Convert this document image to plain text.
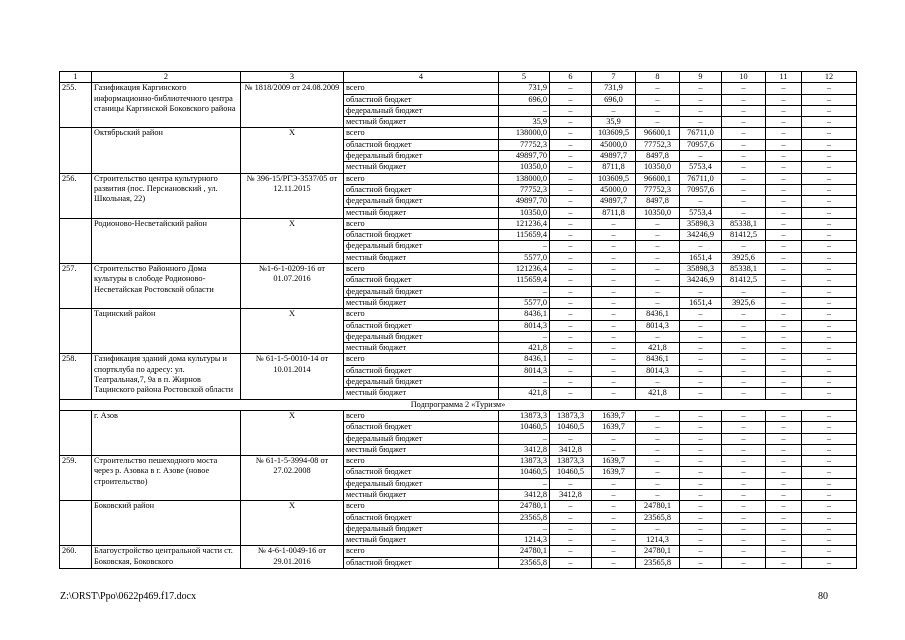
1	2	3	4	5	6	7	8	9	10	11	12
255.	Газификация Каргинского информационно-библиотечного центра станицы Каргинской Боковского района	№ 1818/2009 от 24.08.2009	всего	731,9	–	731,9	–	–	–	–	–
			областной бюджет	696,0	–	696,0	–	–	–	–	–
			федеральный бюджет	–	–	–	–	–	–	–	–
			местный бюджет	35,9	–	35,9	–	–	–	–	–
	Октябрьский район	Х	всего	138000,0	–	103609,5	96600,1	76711,0	–	–	–
			областной бюджет	77752,3	–	45000,0	77752,3	70957,6	–	–	–
			федеральный бюджет	49897,70	–	49897,7	8497,8	–	–	–	–
			местный бюджет	10350,0	–	8711,8	10350,0	5753,4	–	–	–
256.	Строительство центра культурного развития (пос. Персиановский , ул. Школьная, 22)	№ 396-15/РГЭ-3537/05 от 12.11.2015	всего	138000,0	–	103609,5	96600,1	76711,0	–	–	–
			областной бюджет	77752,3	–	45000,0	77752,3	70957,6	–	–	–
			федеральный бюджет	49897,70	–	49897,7	8497,8	–	–	–	–
			местный бюджет	10350,0	–	8711,8	10350,0	5753,4	–	–	–
	Родионово-Несветайский район	Х	всего	121236,4	–	–	–	35898,3	85338,1	–	–
			областной бюджет	115659,4	–	–	–	34246,9	81412,5	–	–
			федеральный бюджет	–	–	–	–	–	–	–	–
			местный бюджет	5577,0	–	–	–	1651,4	3925,6	–	–
257.	Строительство Районного Дома культуры в слободе Родионово-Несветайская Ростовской области	№1-6-1-0209-16 от 01.07.2016	всего	121236,4	–	–	–	35898,3	85338,1	–	–
			областной бюджет	115659,4	–	–	–	34246,9	81412,5	–	–
			федеральный бюджет	–	–	–	–	–	–	–	–
			местный бюджет	5577,0	–	–	–	1651,4	3925,6	–	–
	Тацинский район	Х	всего	8436,1	–	–	8436,1	–	–	–	–
			областной бюджет	8014,3	–	–	8014,3	–	–	–	–
			федеральный бюджет	–	–	–	–	–	–	–	–
			местный бюджет	421,8	–	–	421,8	–	–	–	–
258.	Газификация зданий дома культуры и спортклуба по адресу: ул. Театральная,7, 9а в п. Жирнов Тацинского района Ростовской области	№ 61-1-5-0010-14 от 10.01.2014	всего	8436,1	–	–	8436,1	–	–	–	–
			областной бюджет	8014,3	–	–	8014,3	–	–	–	–
			федеральный бюджет	–	–	–	–	–	–	–	–
			местный бюджет	421,8	–	–	421,8	–	–	–	–
Подпрограмма 2 «Туризм»											
	г. Азов	Х	всего	13873,3	13873,3	1639,7	–	–	–	–	–
			областной бюджет	10460,5	10460,5	1639,7	–	–	–	–	–
			федеральный бюджет	–	–	–	–	–	–	–	–
			местный бюджет	3412,8	3412,8	–	–	–	–	–	–
259.	Строительство пешеходного моста через р. Азовка в г. Азове (новое строительство)	№ 61-1-5-3994-08 от 27.02.2008	всего	13873,3	13873,3	1639,7	–	–	–	–	–
			областной бюджет	10460,5	10460,5	1639,7	–	–	–	–	–
			федеральный бюджет	–	–	–	–	–	–	–	–
			местный бюджет	3412,8	3412,8	–	–	–	–	–	–
	Боковский район	Х	всего	24780,1	–	–	24780,1	–	–	–	–
			областной бюджет	23565,8	–	–	23565,8	–	–	–	–
			федеральный бюджет	–	–	–	–	–	–	–	–
			местный бюджет	1214,3	–	–	1214,3	–	–	–	–
260.	Благоустройство центральной части ст. Боковская, Боковского	№ 4-6-1-0049-16 от 29.01.2016	всего	24780,1	–	–	24780,1	–	–	–	–
			областной бюджет	23565,8	–	–	23565,8	–	–	–	–
Z:\ORST\Ppo\0622p469.f17.docx	80
